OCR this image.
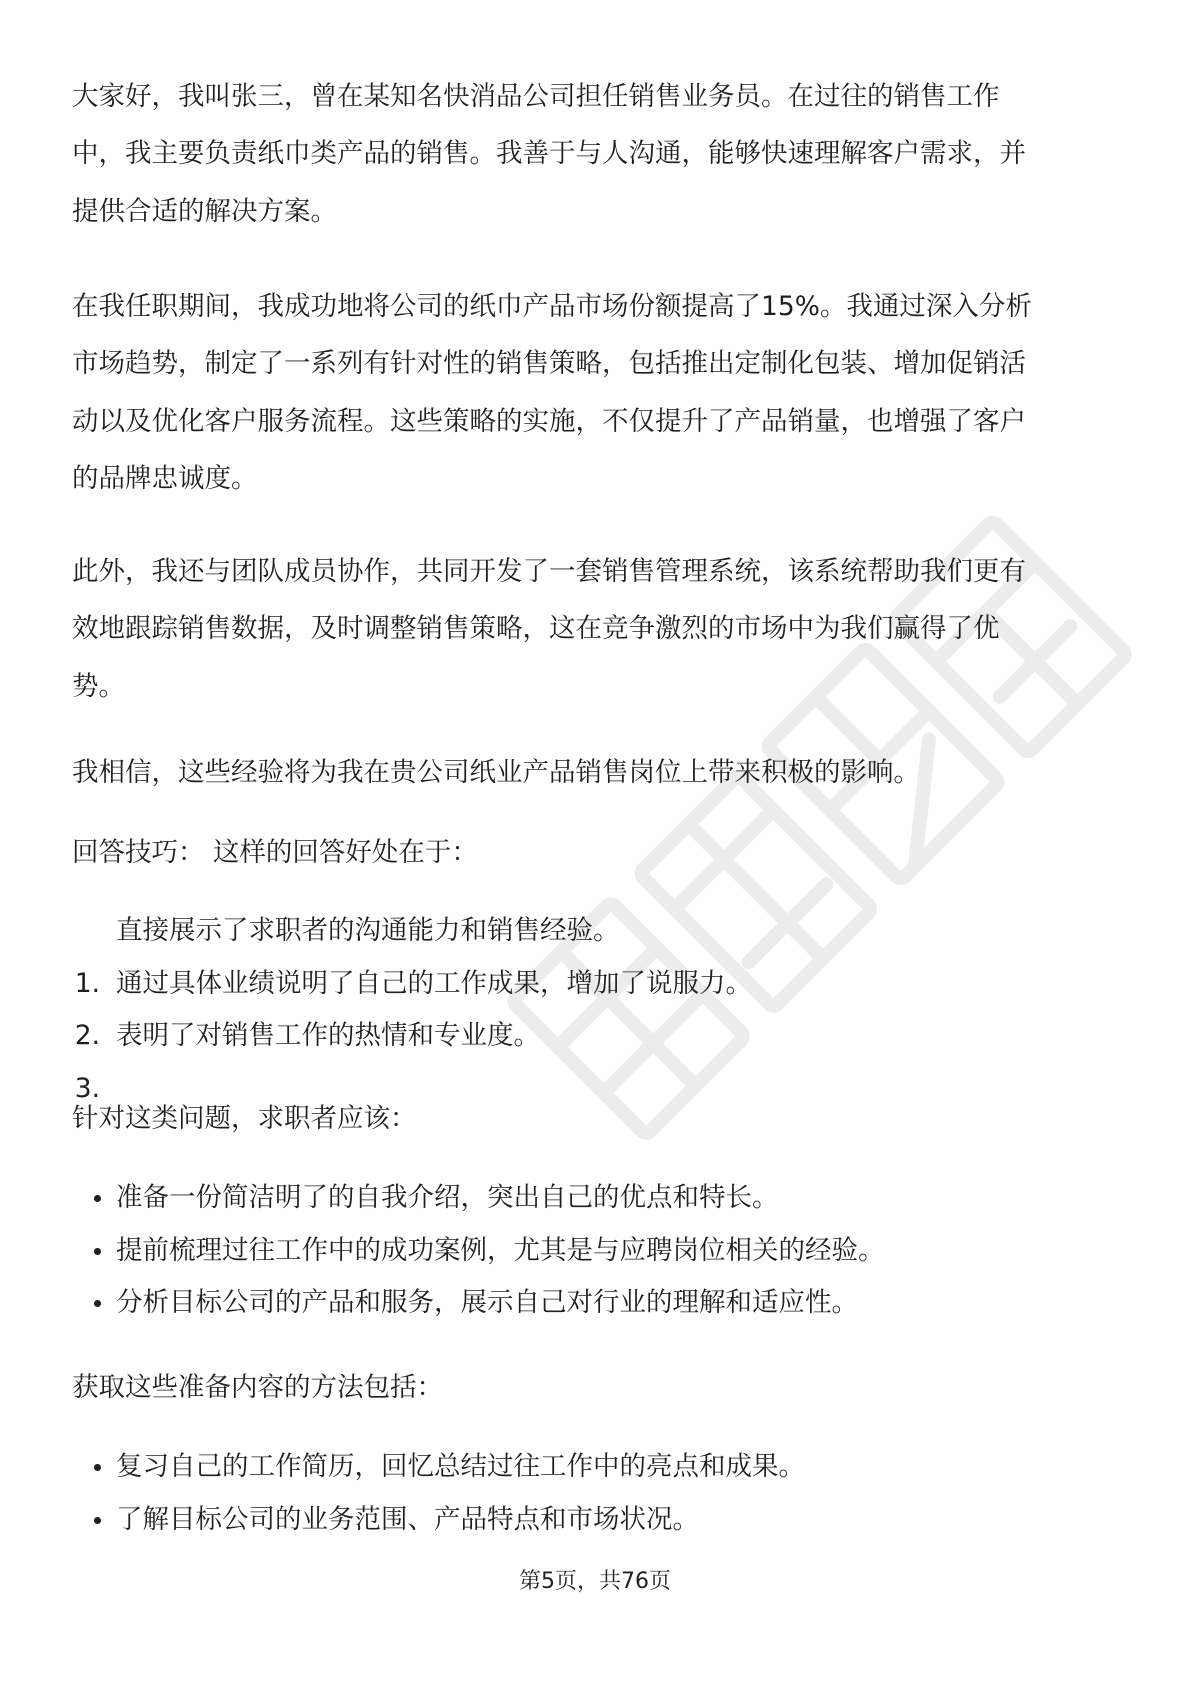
大家好，我叫张三，曾在某知名快消品公司担任销售业务员。在过往的销售工作
中，我主要负责纸巾类产品的销售。我善于与人沟通，能够快速理解客户需求，并
提供合适的解决方案。
在我任职期间，我成功地将公司的纸巾产品市场份额提高了15%。我通过深入分析
市场趋势，制定了一系列有针对性的销售策略，包括推出定制化包装、增加促销活
动以及优化客户服务流程。这些策略的实施，不仅提升了产品销量，也增强了客户
的品牌忠诚度。
此外，我还与团队成员协作，共同开发了一套销售管理系统，该系统帮助我们更有
效地跟踪销售数据，及时调整销售策略，这在竞争激烈的市场中为我们赢得了优
势。
我相信，这些经验将为我在贵公司纸业产品销售岗位上带来积极的影响。
回答技巧： 这样的回答好处在于：

1.

直接展示了求职者的沟通能力和销售经验。

2.

通过具体业绩说明了自己的工作成果，增加了说服力。

3.

表明了对销售工作的热情和专业度。

针对这类问题，求职者应该：

准备一份简洁明了的自我介绍，突出自己的优点和特长。

提前梳理过往工作中的成功案例，尤其是与应聘岗位相关的经验。

分析目标公司的产品和服务，展示自己对行业的理解和适应性。

获取这些准备内容的方法包括：

复习自己的工作简历，回忆总结过往工作中的亮点和成果。

了解目标公司的业务范围、产品特点和市场状况。

第5页，共76页
